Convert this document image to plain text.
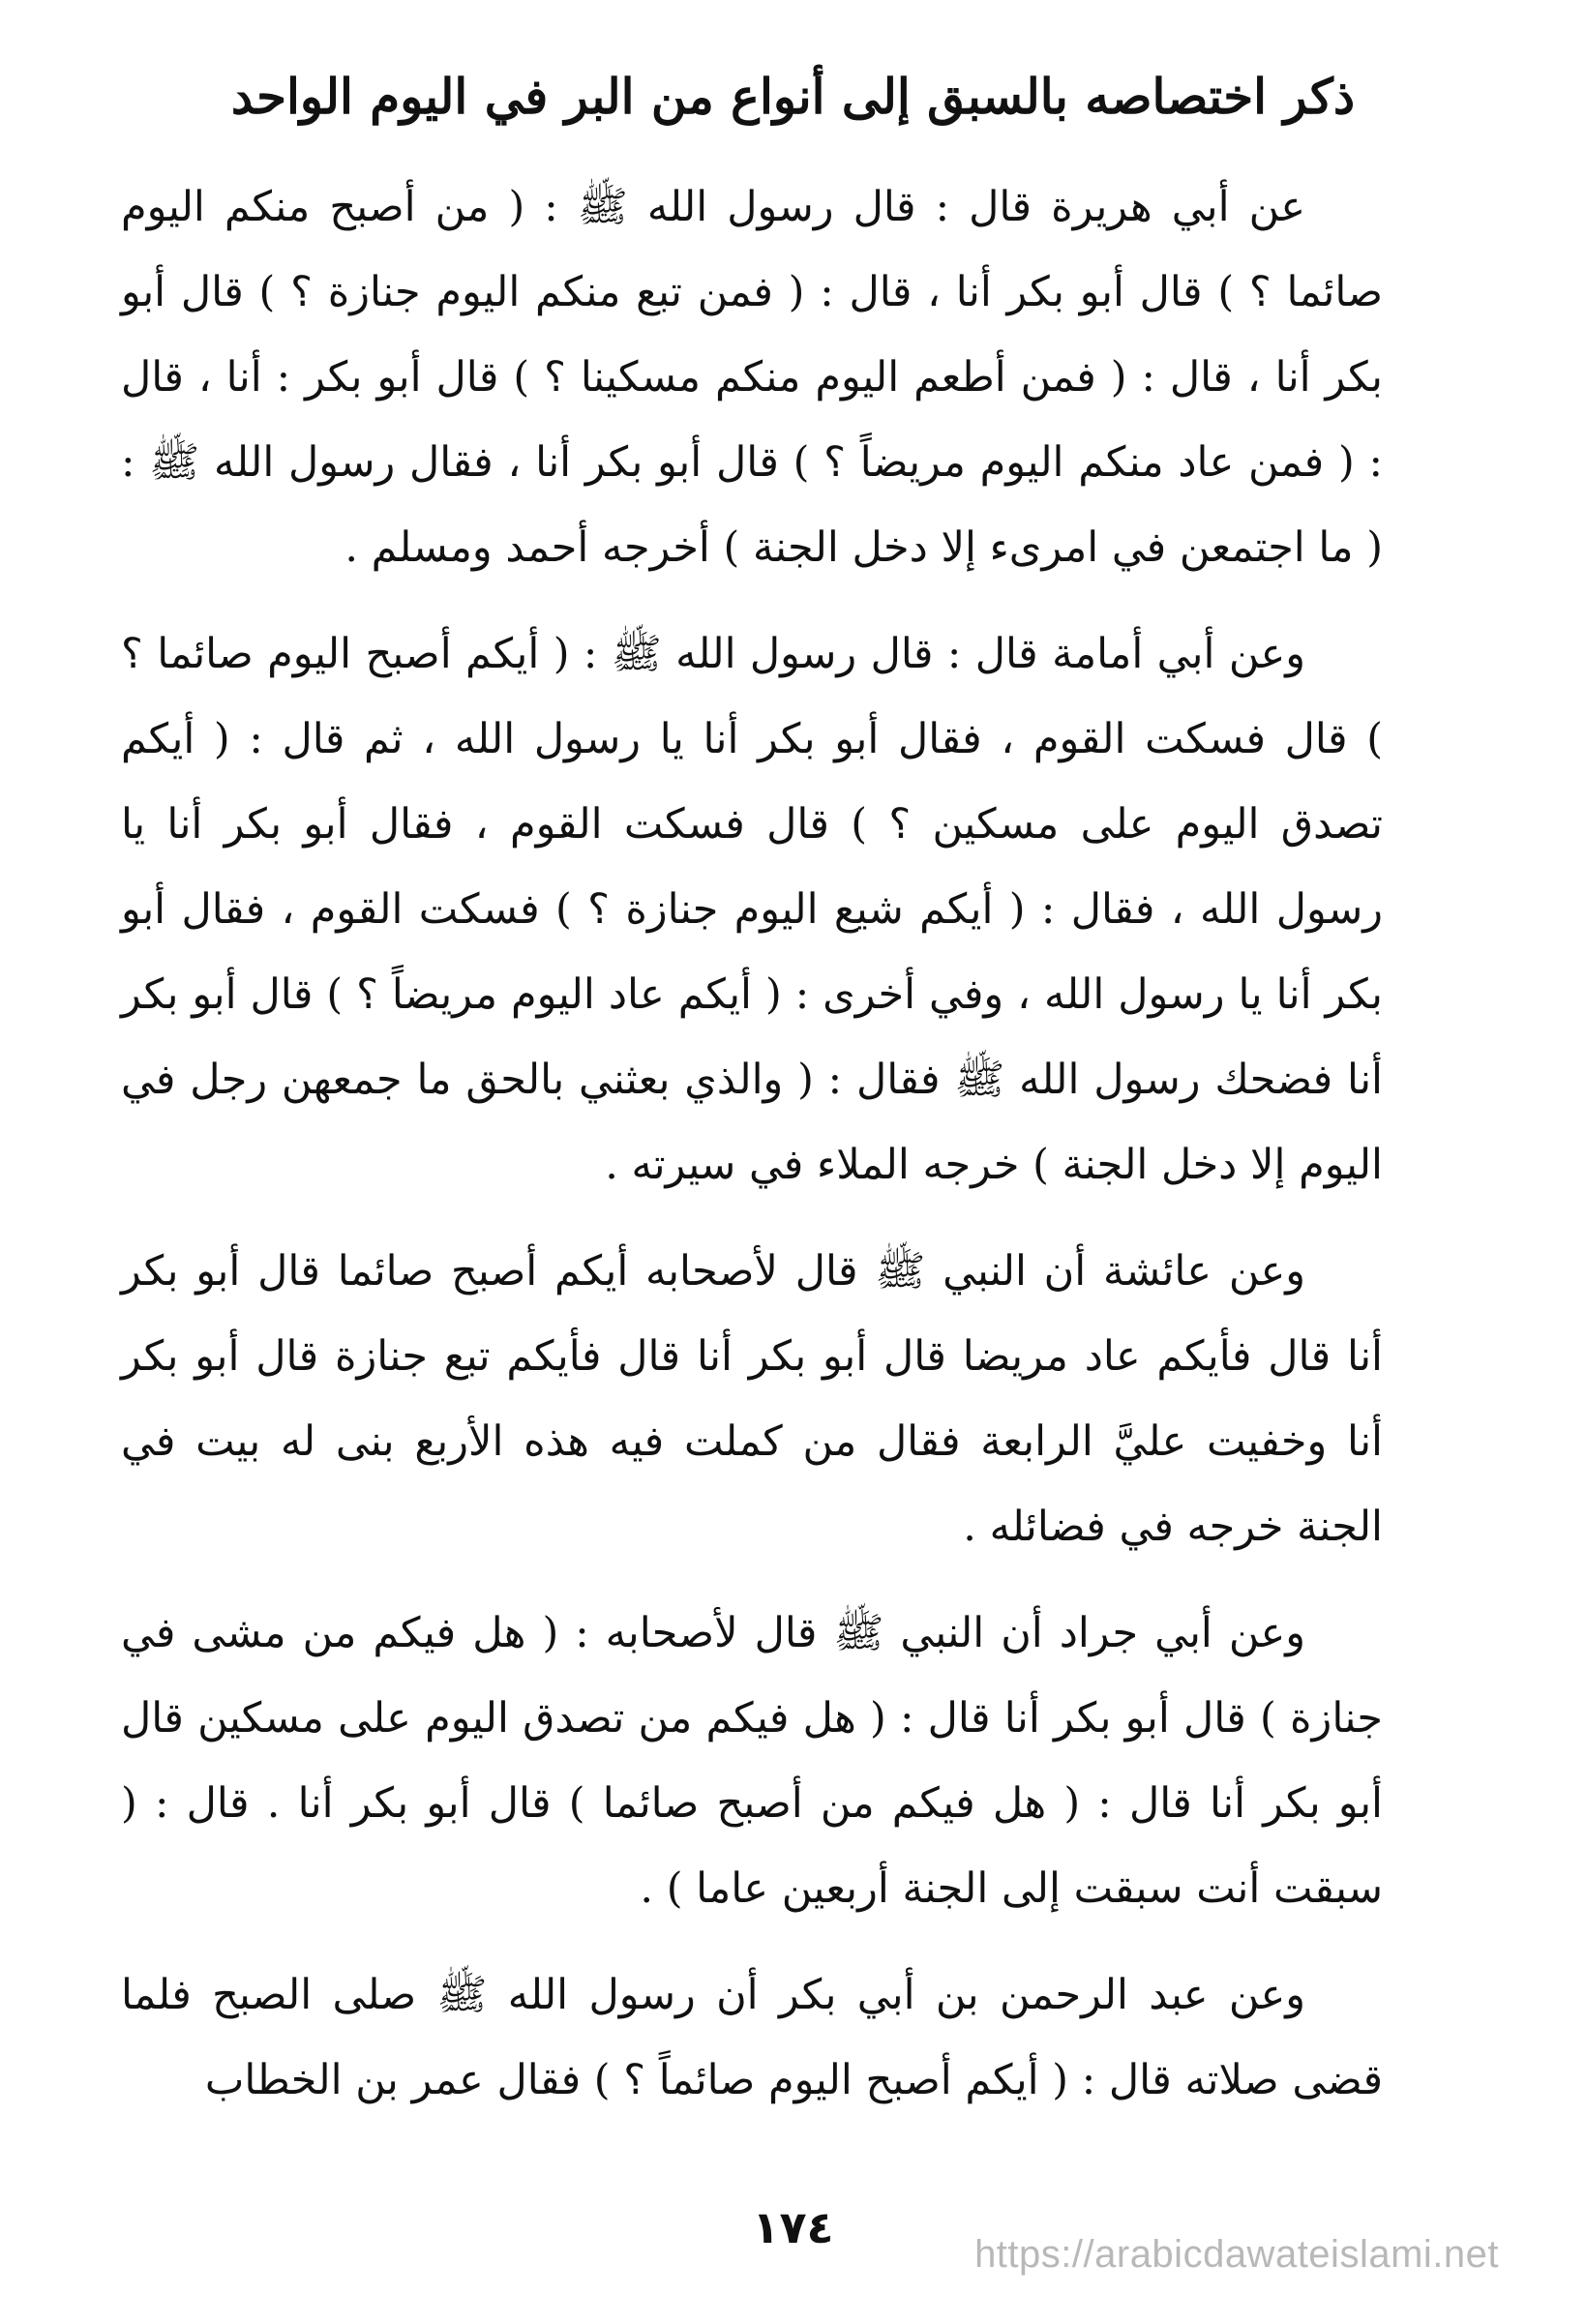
ذكر اختصاصه بالسبق إلى أنواع من البر في اليوم الواحد

عن أبي هريرة قال : قال رسول الله ﷺ : ( من أصبح منكم اليوم صائما ؟ ) قال أبو بكر أنا ، قال : ( فمن تبع منكم اليوم جنازة ؟ ) قال أبو بكر أنا ، قال : ( فمن أطعم اليوم منكم مسكينا ؟ ) قال أبو بكر : أنا ، قال : ( فمن عاد منكم اليوم مريضاً ؟ ) قال أبو بكر أنا ، فقال رسول الله ﷺ : ( ما اجتمعن في امرىء إلا دخل الجنة ) أخرجه أحمد ومسلم .

وعن أبي أمامة قال : قال رسول الله ﷺ : ( أيكم أصبح اليوم صائما ؟ ) قال فسكت القوم ، فقال أبو بكر أنا يا رسول الله ، ثم قال : ( أيكم تصدق اليوم على مسكين ؟ ) قال فسكت القوم ، فقال أبو بكر أنا يا رسول الله ، فقال : ( أيكم شيع اليوم جنازة ؟ ) فسكت القوم ، فقال أبو بكر أنا يا رسول الله ، وفي أخرى : ( أيكم عاد اليوم مريضاً ؟ ) قال أبو بكر أنا فضحك رسول الله ﷺ فقال : ( والذي بعثني بالحق ما جمعهن رجل في اليوم إلا دخل الجنة ) خرجه الملاء في سيرته .

وعن عائشة أن النبي ﷺ قال لأصحابه أيكم أصبح صائما قال أبو بكر أنا قال فأيكم عاد مريضا قال أبو بكر أنا قال فأيكم تبع جنازة قال أبو بكر أنا وخفيت عليَّ الرابعة فقال من كملت فيه هذه الأربع بنى له بيت في الجنة خرجه في فضائله .

وعن أبي جراد أن النبي ﷺ قال لأصحابه : ( هل فيكم من مشى في جنازة ) قال أبو بكر أنا قال : ( هل فيكم من تصدق اليوم على مسكين قال أبو بكر أنا قال : ( هل فيكم من أصبح صائما ) قال أبو بكر أنا . قال : ( سبقت أنت سبقت إلى الجنة أربعين عاما ) .

وعن عبد الرحمن بن أبي بكر أن رسول الله ﷺ صلى الصبح فلما قضى صلاته قال : ( أيكم أصبح اليوم صائماً ؟ ) فقال عمر بن الخطاب

١٧٤
https://arabicdawateislami.net
